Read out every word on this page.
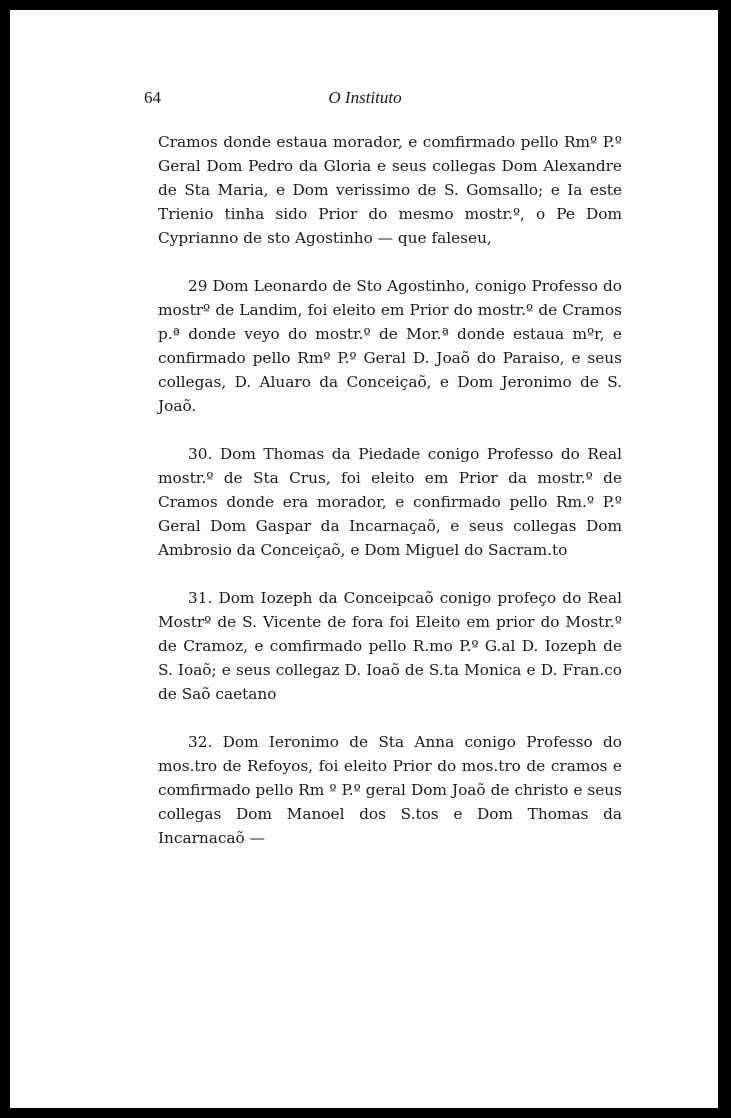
64	O Instituto

Cramos donde estaua morador, e comfirmado pello Rmº P.º Geral Dom Pedro da Gloria e seus collegas Dom Alexandre de Sta Maria, e Dom verissimo de S. Gomsallo; e Ia este Trienio tinha sido Prior do mesmo mostr.º, o Pe Dom Cyprianno de sto Agostinho — que faleseu,

29 Dom Leonardo de Sto Agostinho, conigo Professo do mostrº de Landim, foi eleito em Prior do mostr.º de Cramos p.ª donde veyo do mostr.º de Mor.ª donde estaua mºr, e confirmado pello Rmº P.º Geral D. Joaõ do Paraiso, e seus collegas, D. Aluaro da Conceiçaõ, e Dom Jeronimo de S. Joaõ.

30. Dom Thomas da Piedade conigo Professo do Real mostr.º de Sta Crus, foi eleito em Prior da mostr.º de Cramos donde era morador, e confirmado pello Rm.º P.º Geral Dom Gaspar da Incarnaçaõ, e seus collegas Dom Ambrosio da Conceiçaõ, e Dom Miguel do Sacram.to

31. Dom Iozeph da Conceipcaõ conigo profeço do Real Mostrº de S. Vicente de fora foi Eleito em prior do Mostr.º de Cramoz, e comfirmado pello R.mo P.º G.al D. Iozeph de S. Ioaõ; e seus collegaz D. Ioaõ de S.ta Monica e D. Fran.co de Saõ caetano

32. Dom Ieronimo de Sta Anna conigo Professo do mos.tro de Refoyos, foi eleito Prior do mos.tro de cramos e comfirmado pello Rm º P.º geral Dom Joaõ de christo e seus collegas Dom Manoel dos S.tos e Dom Thomas da Incarnacaõ —
